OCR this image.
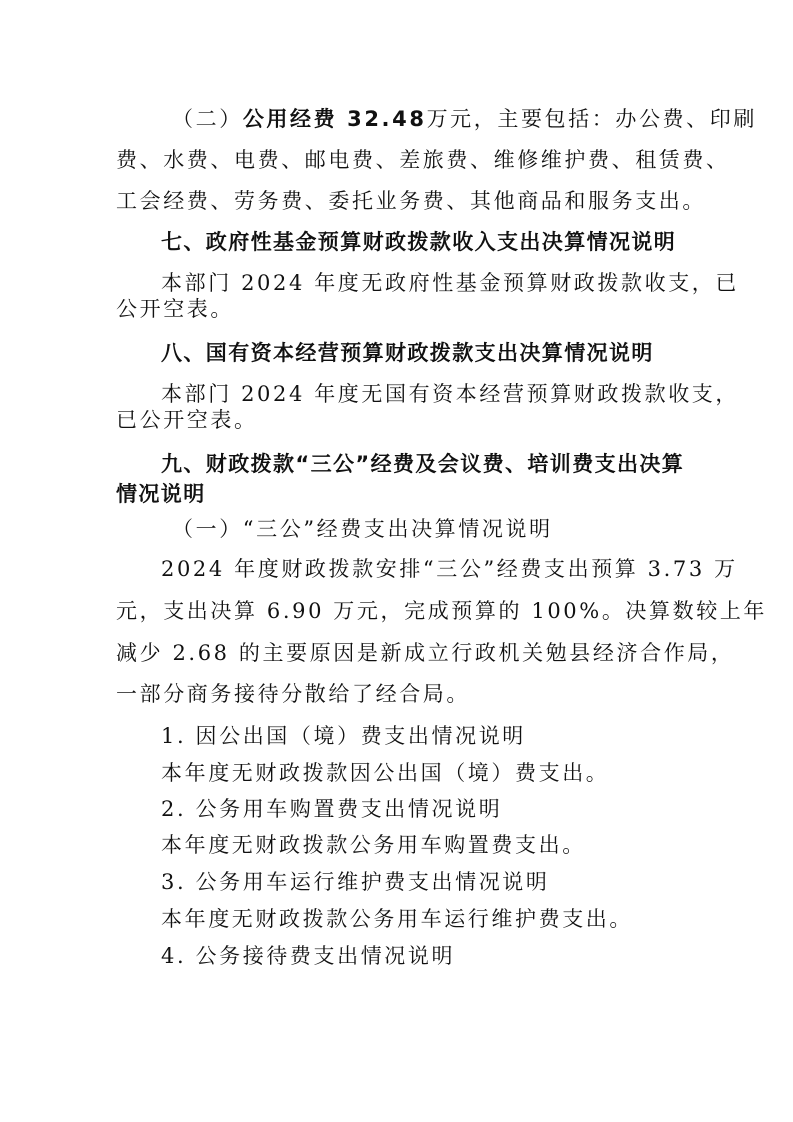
（二）公用经费 32.48万元，主要包括：办公费、印刷
费、水费、电费、邮电费、差旅费、维修维护费、租赁费、
工会经费、劳务费、委托业务费、其他商品和服务支出。
七、政府性基金预算财政拨款收入支出决算情况说明
本部门 2024 年度无政府性基金预算财政拨款收支，已
公开空表。
八、国有资本经营预算财政拨款支出决算情况说明
本部门 2024 年度无国有资本经营预算财政拨款收支，
已公开空表。
九、财政拨款“三公”经费及会议费、培训费支出决算
情况说明
（一）“三公”经费支出决算情况说明
2024 年度财政拨款安排“三公”经费支出预算 3.73 万
元，支出决算 6.90 万元，完成预算的 100%。决算数较上年
减少 2.68 的主要原因是新成立行政机关勉县经济合作局，
一部分商务接待分散给了经合局。
1. 因公出国（境）费支出情况说明
本年度无财政拨款因公出国（境）费支出。
2. 公务用车购置费支出情况说明
本年度无财政拨款公务用车购置费支出。
3. 公务用车运行维护费支出情况说明
本年度无财政拨款公务用车运行维护费支出。
4. 公务接待费支出情况说明
